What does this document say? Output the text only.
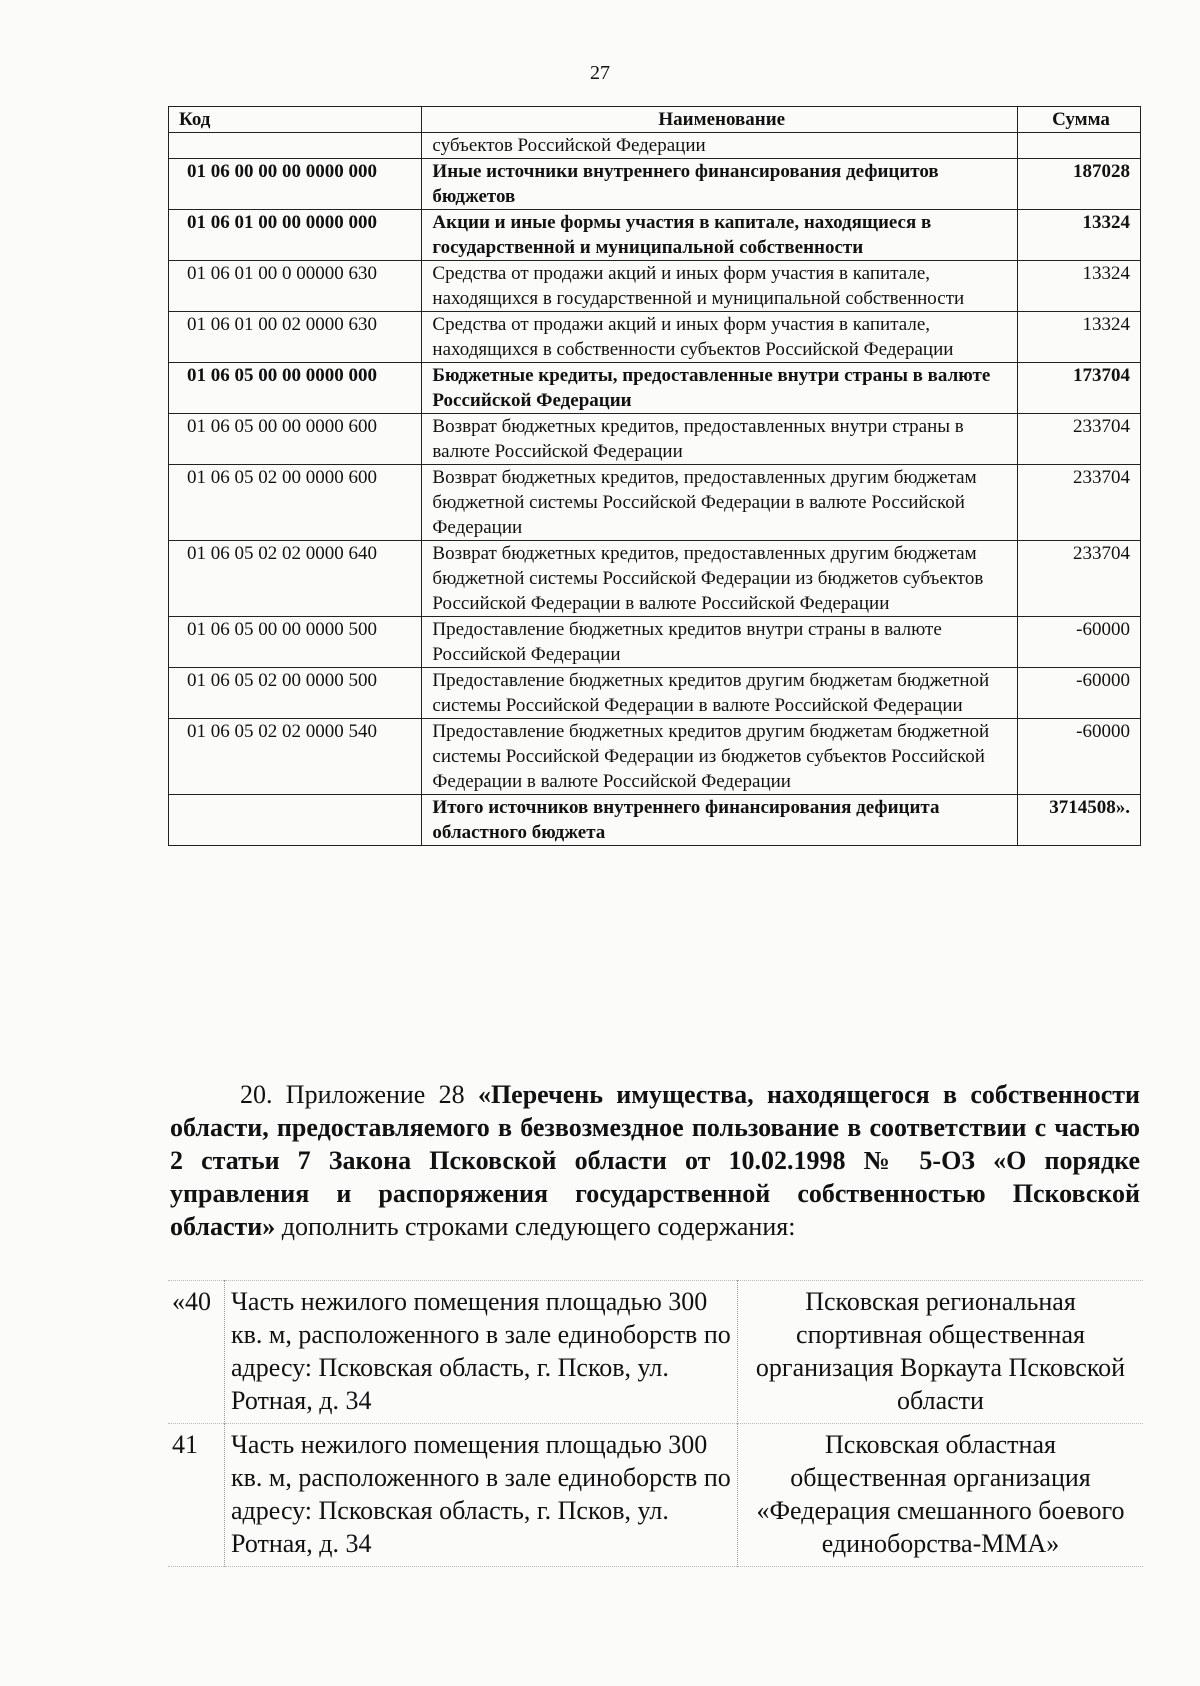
27
Код	Наименование	Сумма
	субъектов Российской Федерации	
01 06 00 00 00 0000 000	Иные источники внутреннего финансирования дефицитов бюджетов	187028
01 06 01 00 00 0000 000	Акции и иные формы участия в капитале, находящиеся в государственной и муниципальной собственности	13324
01 06 01 00 0 00000 630	Средства от продажи акций и иных форм участия в капитале, находящихся в государственной и муниципальной собственности	13324
01 06 01 00 02 0000 630	Средства от продажи акций и иных форм участия в капитале, находящихся в собственности субъектов Российской Федерации	13324
01 06 05 00 00 0000 000	Бюджетные кредиты, предоставленные внутри страны в валюте Российской Федерации	173704
01 06 05 00 00 0000 600	Возврат бюджетных кредитов, предоставленных внутри страны в валюте Российской Федерации	233704
01 06 05 02 00 0000 600	Возврат бюджетных кредитов, предоставленных другим бюджетам бюджетной системы Российской Федерации в валюте Российской Федерации	233704
01 06 05 02 02 0000 640	Возврат бюджетных кредитов, предоставленных другим бюджетам бюджетной системы Российской Федерации из бюджетов субъектов Российской Федерации в валюте Российской Федерации	233704
01 06 05 00 00 0000 500	Предоставление бюджетных кредитов внутри страны в валюте Российской Федерации	-60000
01 06 05 02 00 0000 500	Предоставление бюджетных кредитов другим бюджетам бюджетной системы Российской Федерации в валюте Российской Федерации	-60000
01 06 05 02 02 0000 540	Предоставление бюджетных кредитов другим бюджетам бюджетной системы Российской Федерации из бюджетов субъектов Российской Федерации в валюте Российской Федерации	-60000
	Итого источников внутреннего финансирования дефицита областного бюджета	3714508».

20. Приложение 28 «Перечень имущества, находящегося в собственности области, предоставляемого в безвозмездное пользование в соответствии с частью 2 статьи 7 Закона Псковской области от 10.02.1998 № 5-ОЗ «О порядке управления и распоряжения государственной собственностью Псковской области» дополнить строками следующего содержания:

«40	Часть нежилого помещения площадью 300 кв. м, расположенного в зале единоборств по адресу: Псковская область, г. Псков, ул. Ротная, д. 34	Псковская региональная спортивная общественная организация Воркаута Псковской области
41	Часть нежилого помещения площадью 300 кв. м, расположенного в зале единоборств по адресу: Псковская область, г. Псков, ул. Ротная, д. 34	Псковская областная общественная организация «Федерация смешанного боевого единоборства-ММА»
